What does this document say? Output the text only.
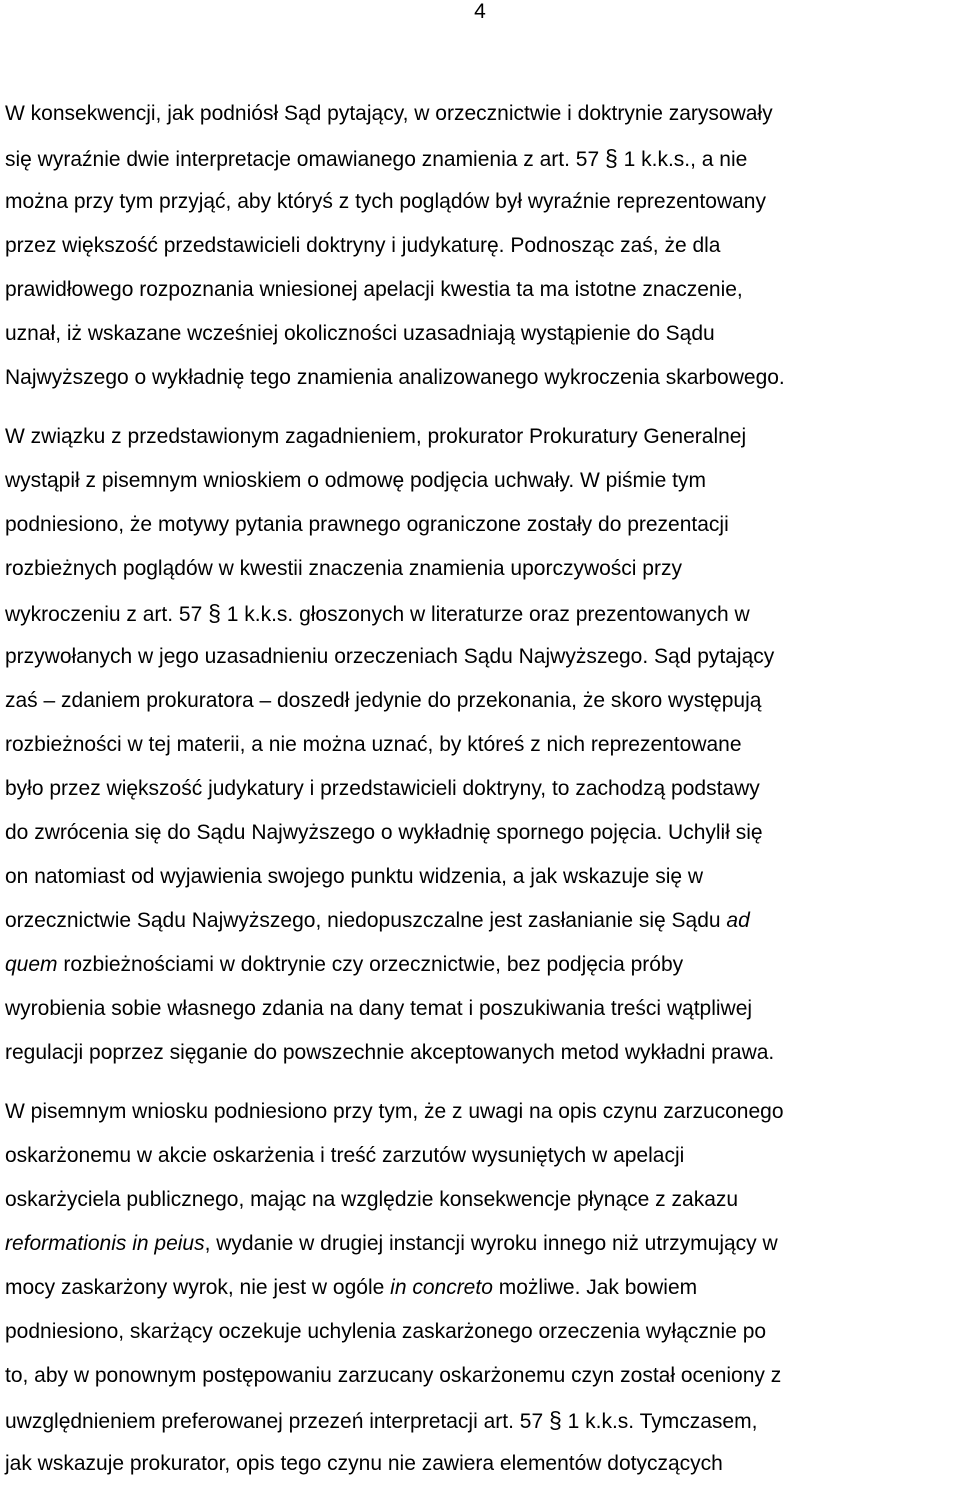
4

W konsekwencji, jak podniósł Sąd pytający, w orzecznictwie i doktrynie zarysowały
się wyraźnie dwie interpretacje omawianego znamienia z art. 57 § 1 k.k.s., a nie
można przy tym przyjąć, aby któryś z tych poglądów był wyraźnie reprezentowany
przez większość przedstawicieli doktryny i judykaturę. Podnosząc zaś, że dla
prawidłowego rozpoznania wniesionej apelacji kwestia ta ma istotne znaczenie,
uznał, iż wskazane wcześniej okoliczności uzasadniają wystąpienie do Sądu
Najwyższego o wykładnię tego znamienia analizowanego wykroczenia skarbowego.

W związku z przedstawionym zagadnieniem, prokurator Prokuratury Generalnej
wystąpił z pisemnym wnioskiem o odmowę podjęcia uchwały. W piśmie tym
podniesiono, że motywy pytania prawnego ograniczone zostały do prezentacji
rozbieżnych poglądów w kwestii znaczenia znamienia uporczywości przy
wykroczeniu z art. 57 § 1 k.k.s. głoszonych w literaturze oraz prezentowanych w
przywołanych w jego uzasadnieniu orzeczeniach Sądu Najwyższego. Sąd pytający
zaś – zdaniem prokuratora – doszedł jedynie do przekonania, że skoro występują
rozbieżności w tej materii, a nie można uznać, by któreś z nich reprezentowane
było przez większość judykatury i przedstawicieli doktryny, to zachodzą podstawy
do zwrócenia się do Sądu Najwyższego o wykładnię spornego pojęcia. Uchylił się
on natomiast od wyjawienia swojego punktu widzenia, a jak wskazuje się w
orzecznictwie Sądu Najwyższego, niedopuszczalne jest zasłanianie się Sądu ad
quem rozbieżnościami w doktrynie czy orzecznictwie, bez podjęcia próby
wyrobienia sobie własnego zdania na dany temat i poszukiwania treści wątpliwej
regulacji poprzez sięganie do powszechnie akceptowanych metod wykładni prawa.

W pisemnym wniosku podniesiono przy tym, że z uwagi na opis czynu zarzuconego
oskarżonemu w akcie oskarżenia i treść zarzutów wysuniętych w apelacji
oskarżyciela publicznego, mając na względzie konsekwencje płynące z zakazu
reformationis in peius, wydanie w drugiej instancji wyroku innego niż utrzymujący w
mocy zaskarżony wyrok, nie jest w ogóle in concreto możliwe. Jak bowiem
podniesiono, skarżący oczekuje uchylenia zaskarżonego orzeczenia wyłącznie po
to, aby w ponownym postępowaniu zarzucany oskarżonemu czyn został oceniony z
uwzględnieniem preferowanej przezeń interpretacji art. 57 § 1 k.k.s. Tymczasem,
jak wskazuje prokurator, opis tego czynu nie zawiera elementów dotyczących
